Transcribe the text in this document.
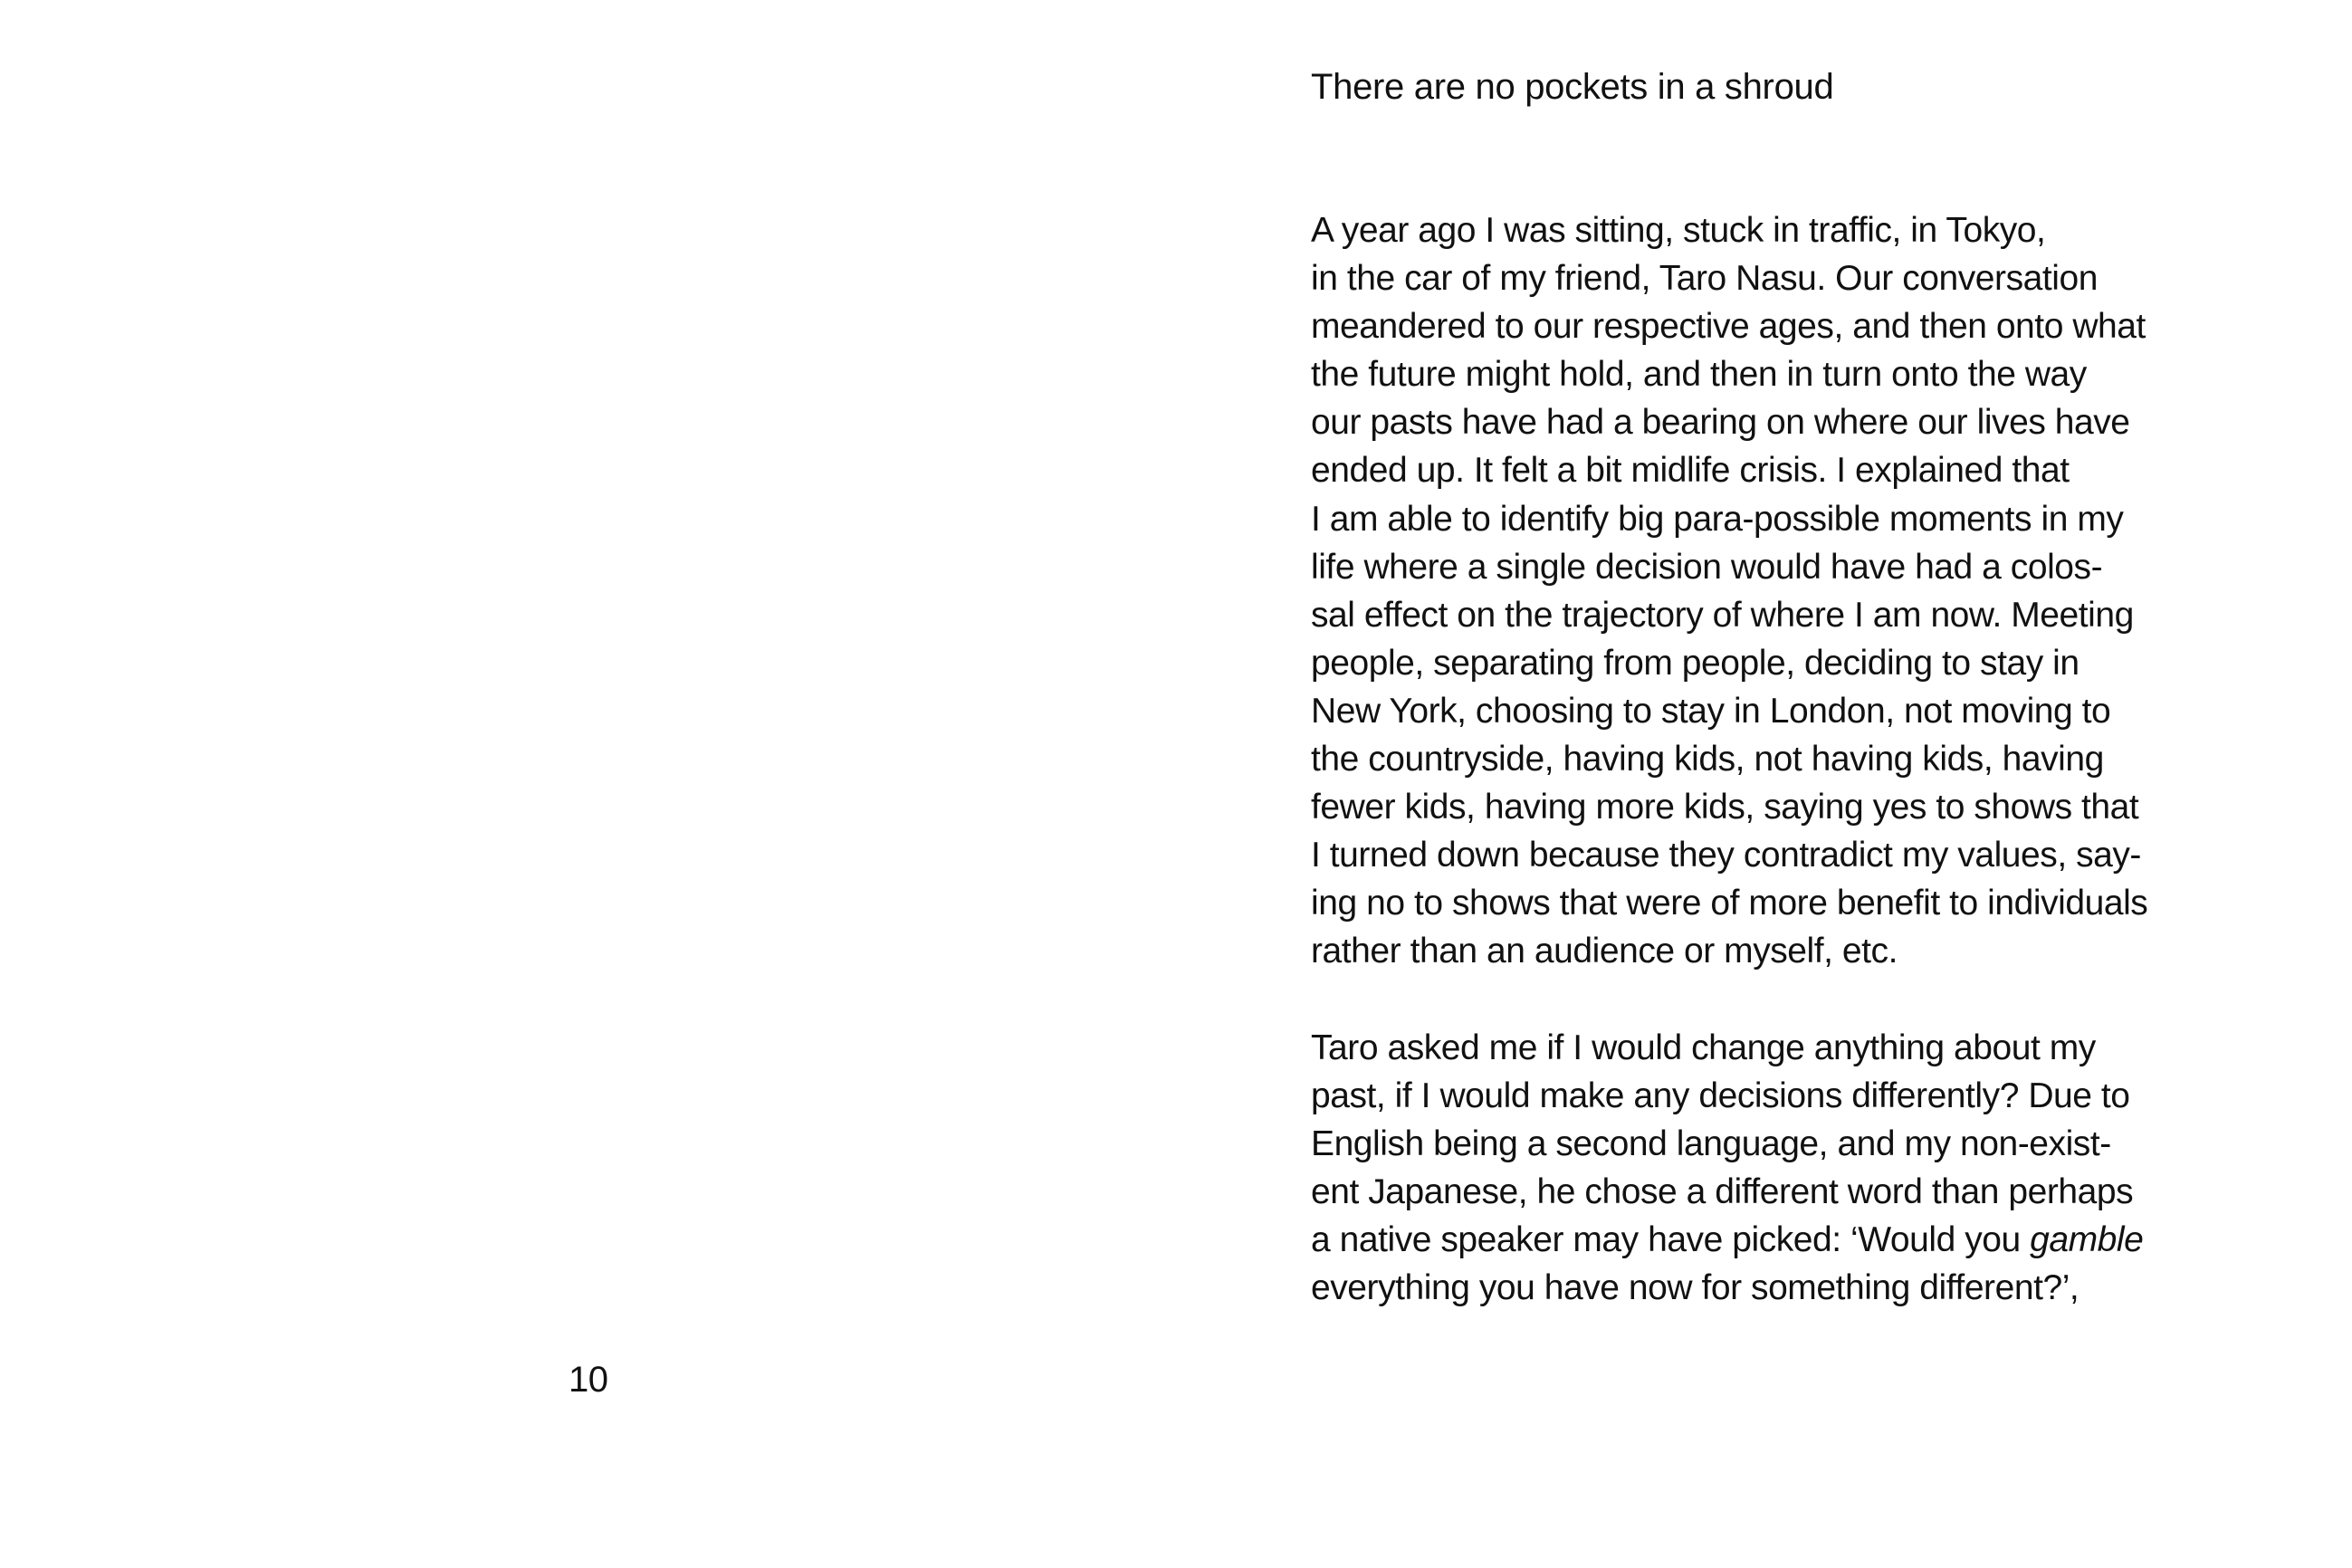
10
There are no pockets in a shroud

A year ago I was sitting, stuck in traffic, in Tokyo,
in the car of my friend, Taro Nasu. Our conversation
meandered to our respective ages, and then onto what
the future might hold, and then in turn onto the way
our pasts have had a bearing on where our lives have
ended up. It felt a bit midlife crisis. I explained that
I am able to identify big para-possible moments in my
life where a single decision would have had a colos-
sal effect on the trajectory of where I am now. Meeting
people, separating from people, deciding to stay in
New York, choosing to stay in London, not moving to
the countryside, having kids, not having kids, having
fewer kids, having more kids, saying yes to shows that
I turned down because they contradict my values, say-
ing no to shows that were of more benefit to individuals
rather than an audience or myself, etc.

Taro asked me if I would change anything about my
past, if I would make any decisions differently? Due to
English being a second language, and my non-exist-
ent Japanese, he chose a different word than perhaps
a native speaker may have picked: ‘Would you gamble
everything you have now for something different?’,
